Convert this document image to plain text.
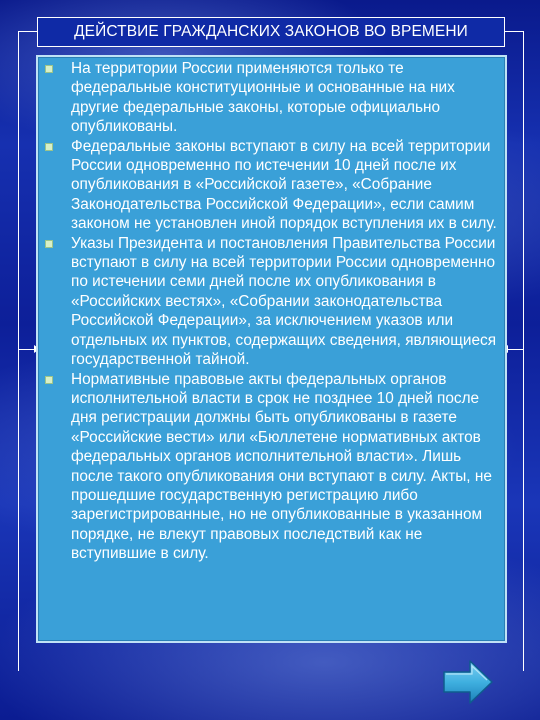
ДЕЙСТВИЕ ГРАЖДАНСКИХ ЗАКОНОВ ВО ВРЕМЕНИ
На территории России применяются только те федеральные конституционные и основанные на них другие федеральные законы, которые официально опубликованы.
Федеральные законы вступают в силу на всей территории России одновременно по истечении 10 дней после их опубликования в «Российской газете», «Собрание Законодательства Российской Федерации», если самим законом не установлен иной порядок вступления их в силу.
Указы Президента и постановления Правительства России вступают в силу на всей территории России одновременно по истечении семи дней после их опубликования в «Российских вестях», «Собрании законодательства Российской Федерации», за исключением указов или отдельных их пунктов, содержащих сведения, являющиеся государственной тайной.
Нормативные правовые акты федеральных органов исполнительной власти в срок не позднее 10 дней после дня регистрации должны быть опубликованы в газете «Российские вести» или «Бюллетене нормативных актов федеральных органов исполнительной власти». Лишь после такого опубликования они вступают в силу. Акты, не прошедшие государственную регистрацию либо зарегистрированные, но не опубликованные в указанном порядке, не влекут правовых последствий как не вступившие в силу.
